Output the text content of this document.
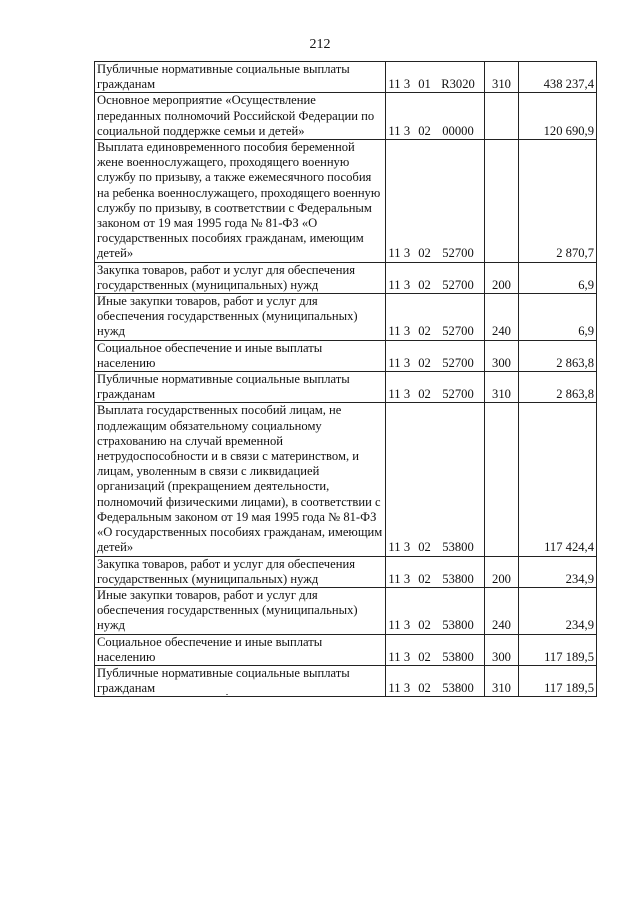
212
Публичные нормативные социальные выплаты гражданам	11 3 01 R3020	310	438 237,4
Основное мероприятие «Осуществление переданных полномочий Российской Федерации по социальной поддержке семьи и детей»	11 3 02 00000		120 690,9
Выплата единовременного пособия беременной жене военнослужащего, проходящего военную службу по призыву, а также ежемесячного пособия на ребенка военнослужащего, проходящего военную службу по призыву, в соответствии с Федеральным законом от 19 мая 1995 года № 81-ФЗ «О государственных пособиях гражданам, имеющим детей»	11 3 02 52700		2 870,7
Закупка товаров, работ и услуг для обеспечения государственных (муниципальных) нужд	11 3 02 52700	200	6,9
Иные закупки товаров, работ и услуг для обеспечения государственных (муниципальных) нужд	11 3 02 52700	240	6,9
Социальное обеспечение и иные выплаты населению	11 3 02 52700	300	2 863,8
Публичные нормативные социальные выплаты гражданам	11 3 02 52700	310	2 863,8
Выплата государственных пособий лицам, не подлежащим обязательному социальному страхованию на случай временной нетрудоспособности и в связи с материнством, и лицам, уволенным в связи с ликвидацией организаций (прекращением деятельности, полномочий физическими лицами), в соответствии с Федеральным законом от 19 мая 1995 года № 81-ФЗ «О государственных пособиях гражданам, имеющим детей»	11 3 02 53800		117 424,4
Закупка товаров, работ и услуг для обеспечения государственных (муниципальных) нужд	11 3 02 53800	200	234,9
Иные закупки товаров, работ и услуг для обеспечения государственных (муниципальных) нужд	11 3 02 53800	240	234,9
Социальное обеспечение и иные выплаты населению	11 3 02 53800	300	117 189,5
Публичные нормативные социальные выплаты гражданам	11 3 02 53800	310	117 189,5
